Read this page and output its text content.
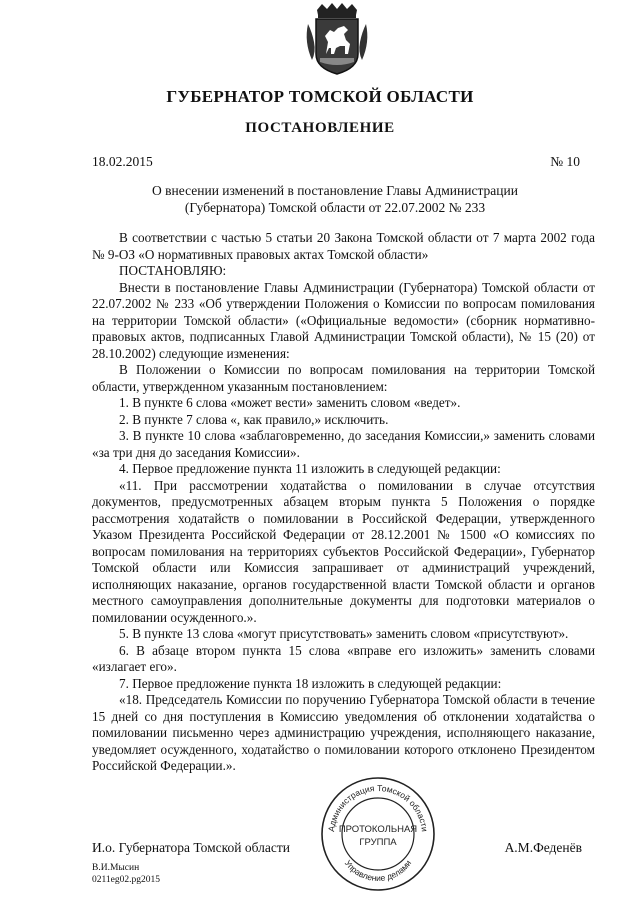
ГУБЕРНАТОР ТОМСКОЙ ОБЛАСТИ
ПОСТАНОВЛЕНИЕ
18.02.2015	№ 10
О внесении изменений в постановление Главы Администрации
(Губернатора) Томской области от 22.07.2002 № 233

В соответствии с частью 5 статьи 20 Закона Томской области от 7 марта 2002 года № 9-ОЗ «О нормативных правовых актах Томской области»

ПОСТАНОВЛЯЮ:

Внести в постановление Главы Администрации (Губернатора) Томской области от 22.07.2002 № 233 «Об утверждении Положения о Комиссии по вопросам помилования на территории Томской области» («Официальные ведомости» (сборник нормативно-правовых актов, подписанных Главой Администрации Томской области), № 15 (20) от 28.10.2002) следующие изменения:

В Положении о Комиссии по вопросам помилования на территории Томской области, утвержденном указанным постановлением:

1. В пункте 6 слова «может вести» заменить словом «ведет».

2. В пункте 7 слова «, как правило,» исключить.

3. В пункте 10 слова «заблаговременно, до заседания Комиссии,» заменить словами «за три дня до заседания Комиссии».

4. Первое предложение пункта 11 изложить в следующей редакции:

«11. При рассмотрении ходатайства о помиловании в случае отсутствия документов, предусмотренных абзацем вторым пункта 5 Положения о порядке рассмотрения ходатайств о помиловании в Российской Федерации, утвержденного Указом Президента Российской Федерации от 28.12.2001 № 1500 «О комиссиях по вопросам помилования на территориях субъектов Российской Федерации», Губернатор Томской области или Комиссия запрашивает от администраций учреждений, исполняющих наказание, органов государственной власти Томской области и органов местного самоуправления дополнительные документы для подготовки материалов о помиловании осужденного.».

5. В пункте 13 слова «могут присутствовать» заменить словом «присутствуют».

6. В абзаце втором пункта 15 слова «вправе его изложить» заменить словами «излагает его».

7. Первое предложение пункта 18 изложить в следующей редакции:

«18. Председатель Комиссии по поручению Губернатора Томской области в течение 15 дней со дня поступления в Комиссию уведомления об отклонении ходатайства о помиловании письменно через администрацию учреждения, исполняющего наказание, уведомляет осужденного, ходатайство о помиловании которого отклонено Президентом Российской Федерации.».

И.о. Губернатора Томской области	А.М.Феденёв
В.И.Мысин
0211eg02.pg2015
Администрация Томской области
Управление делами
ПРОТОКОЛЬНАЯ
ГРУППА
